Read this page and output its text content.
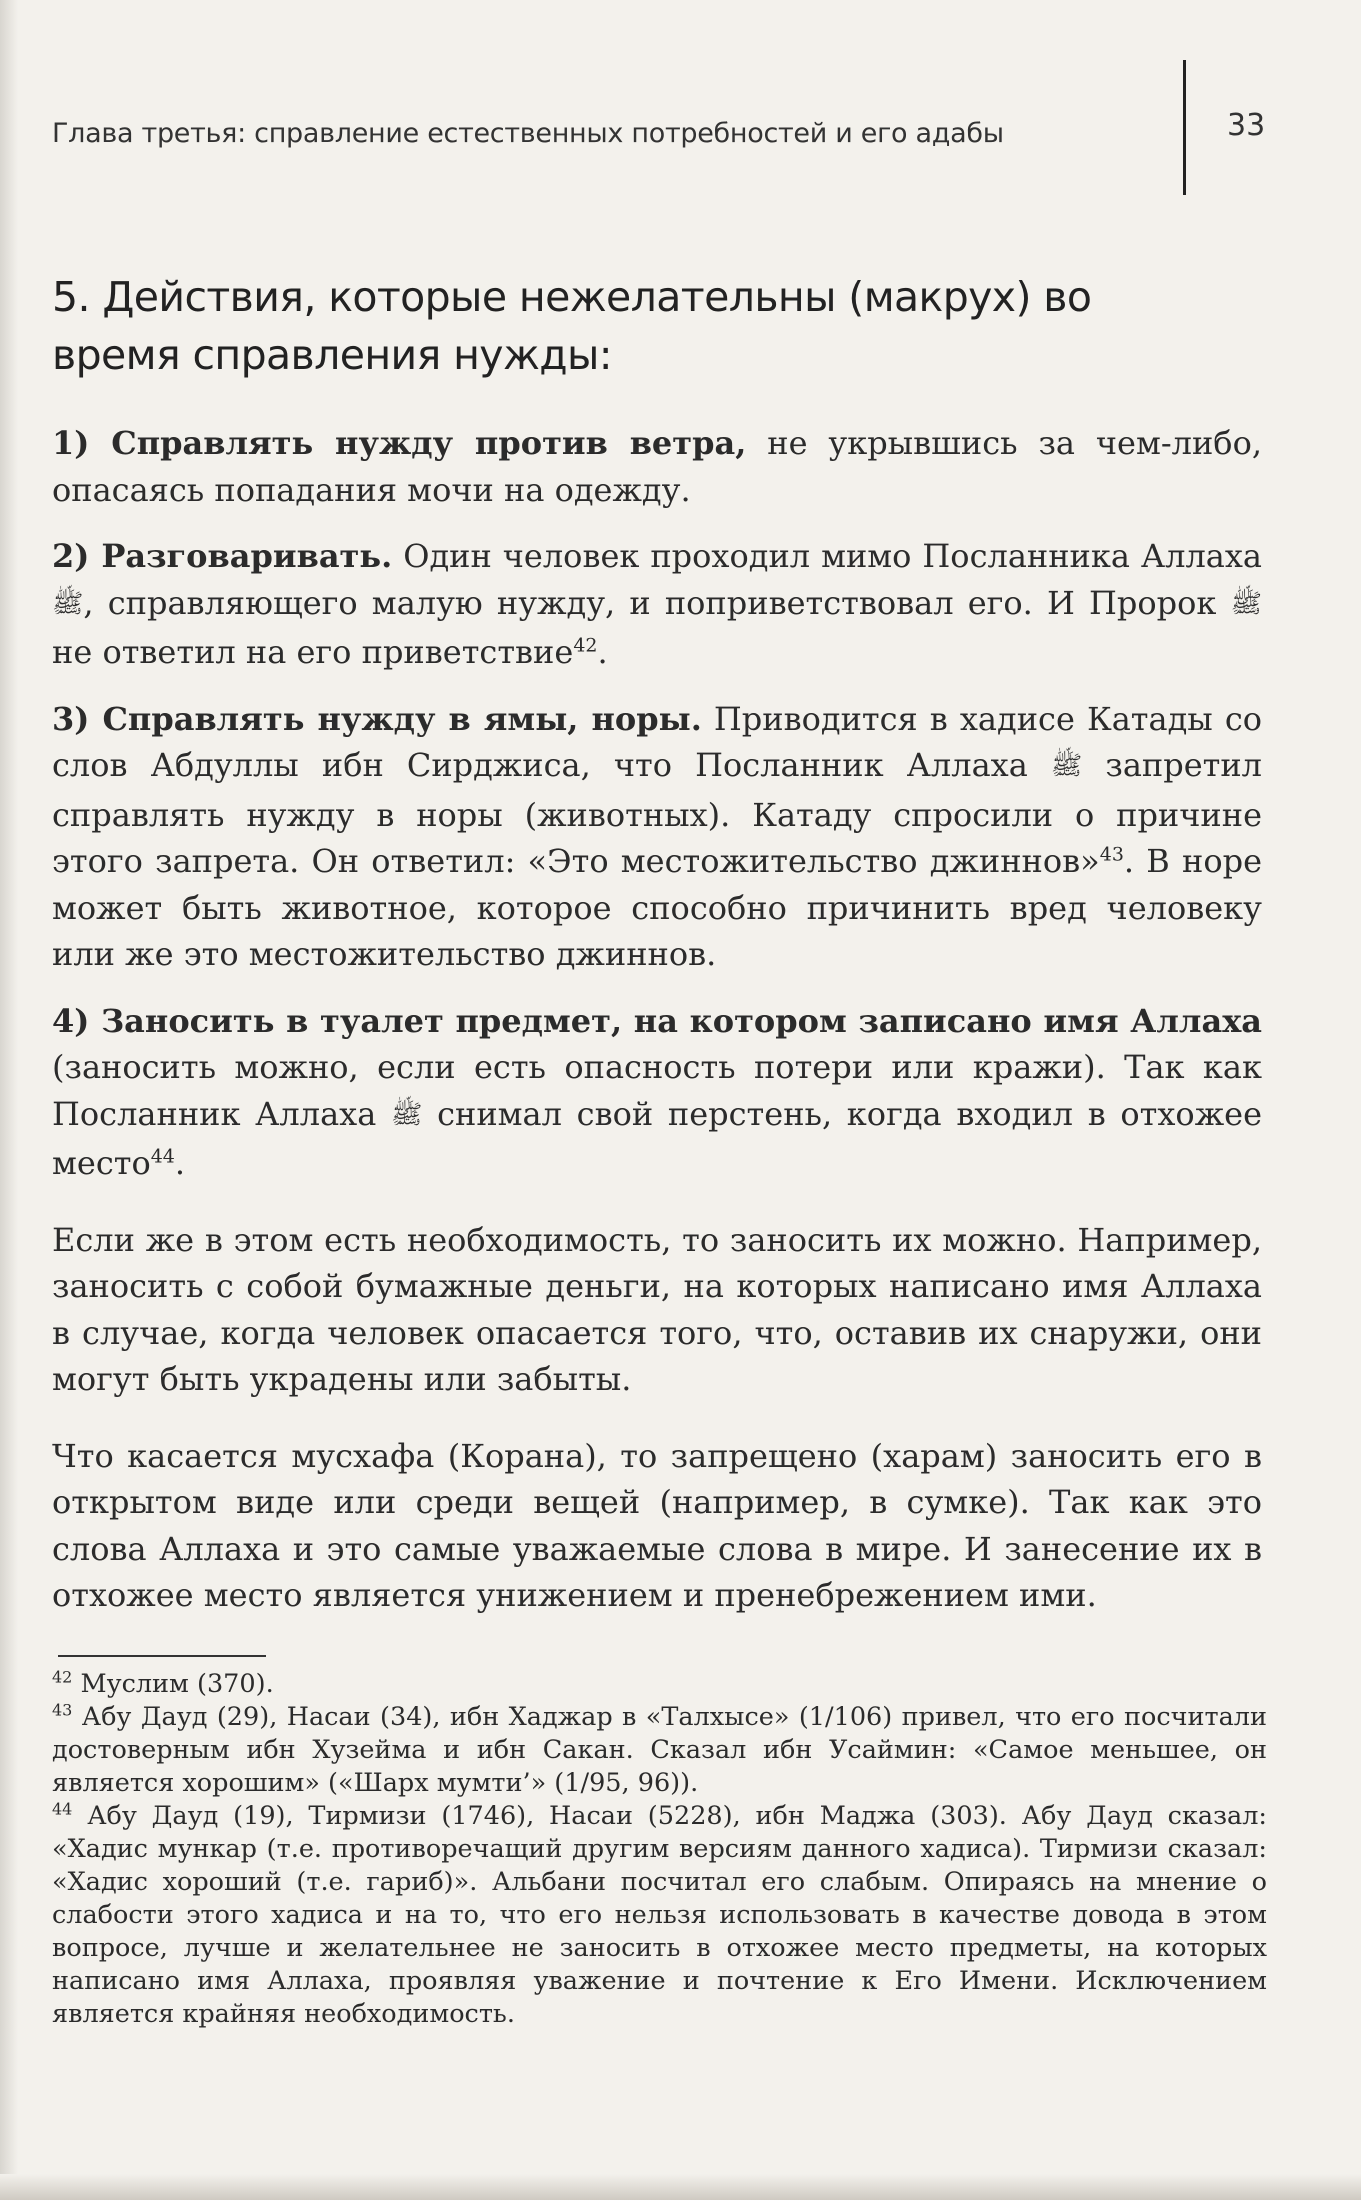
Глава третья: справление естественных потребностей и его адабы	33
5. Действия, которые нежелательны (макрух) во время справления нужды:

1) Справлять нужду против ветра, не укрывшись за чем-либо, опасаясь попадания мочи на одежду.

2) Разговаривать. Один человек проходил мимо Посланника Аллаха ﷺ, справляющего малую нужду, и поприветствовал его. И Пророк ﷺ не ответил на его приветствие$^{42}$.

3) Справлять нужду в ямы, норы. Приводится в хадисе Катады со слов Абдуллы ибн Сирджиса, что Посланник Аллаха ﷺ запретил справлять нужду в норы (животных). Катаду спросили о причине этого запрета. Он ответил: «Это местожительство джиннов»$^{43}$. В норе может быть животное, которое способно причинить вред человеку или же это местожительство джиннов.

4) Заносить в туалет предмет, на котором записано имя Аллаха (заносить можно, если есть опасность потери или кражи). Так как Посланник Аллаха ﷺ снимал свой перстень, когда входил в отхожее место$^{44}$.

Если же в этом есть необходимость, то заносить их можно. Например, заносить с собой бумажные деньги, на которых написано имя Аллаха в случае, когда человек опасается того, что, оставив их снаружи, они могут быть украдены или забыты.

Что касается мусхафа (Корана), то запрещено (харам) заносить его в открытом виде или среди вещей (например, в сумке). Так как это слова Аллаха и это самые уважаемые слова в мире. И занесение их в отхожее место является унижением и пренебрежением ими.

$^{42}$ Муслим (370).

$^{43}$ Абу Дауд (29), Насаи (34), ибн Хаджар в «Талхысе» (1/106) привел, что его посчитали достоверным ибн Хузейма и ибн Сакан. Сказал ибн Усаймин: «Самое меньшее, он является хорошим» («Шарх мумти’» (1/95, 96)).

$^{44}$ Абу Дауд (19), Тирмизи (1746), Насаи (5228), ибн Маджа (303). Абу Дауд сказал: «Хадис мункар (т.е. противоречащий другим версиям данного хадиса). Тирмизи сказал: «Хадис хороший (т.е. гариб)». Альбани посчитал его слабым. Опираясь на мнение о слабости этого хадиса и на то, что его нельзя использовать в качестве довода в этом вопросе, лучше и желательнее не заносить в отхожее место предметы, на которых написано имя Аллаха, проявляя уважение и почтение к Его Имени. Исключением является крайняя необходимость.
